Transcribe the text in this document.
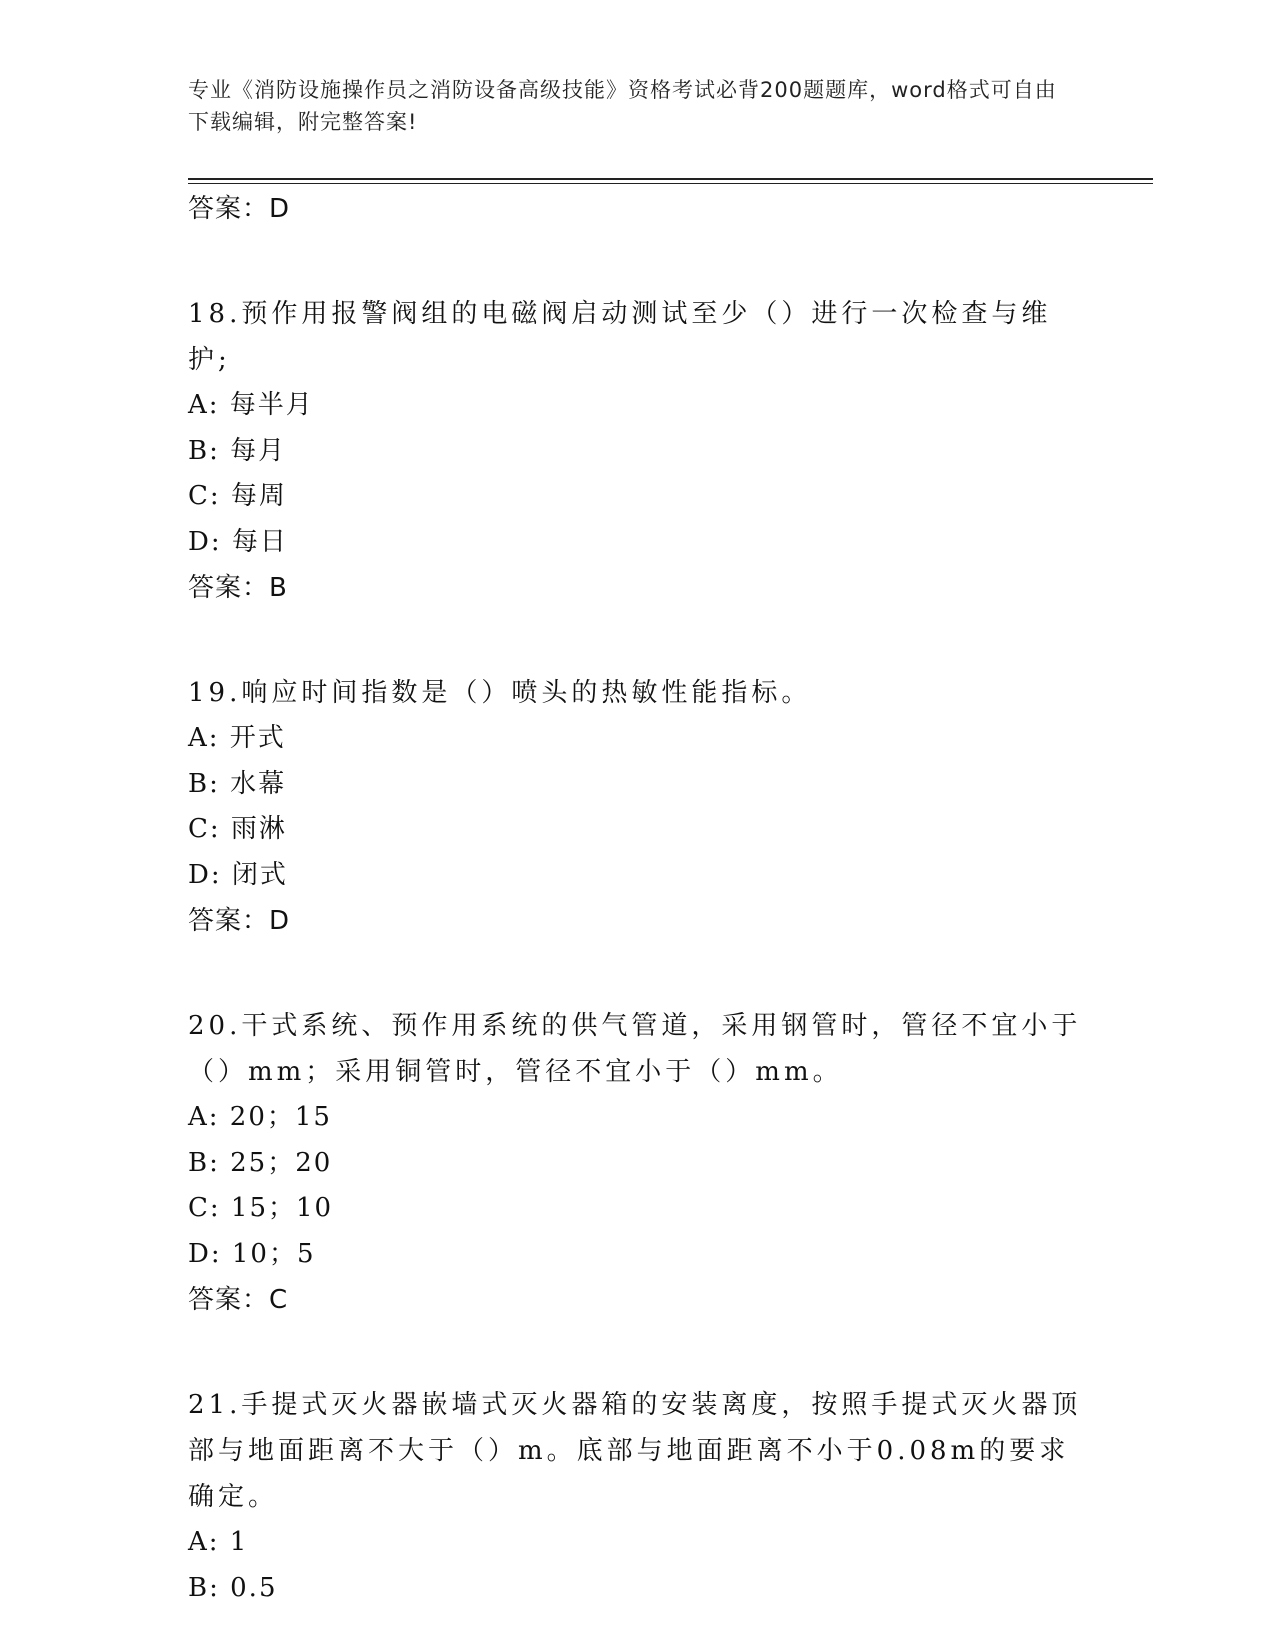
专业《消防设施操作员之消防设备高级技能》资格考试必背200题题库，word格式可自由下载编辑，附完整答案!
答案：D
18.预作用报警阀组的电磁阀启动测试至少（）进行一次检查与维护;
A: 每半月
B: 每月
C: 每周
D: 每日
答案：B
19.响应时间指数是（）喷头的热敏性能指标。
A: 开式
B: 水幕
C: 雨淋
D: 闭式
答案：D
20.干式系统、预作用系统的供气管道，采用钢管时，管径不宜小于（）mm；采用铜管时，管径不宜小于（）mm。
A: 20；15
B: 25；20
C: 15；10
D: 10；5
答案：C
21.手提式灭火器嵌墙式灭火器箱的安装离度，按照手提式灭火器顶部与地面距离不大于（）m。底部与地面距离不小于0.08m的要求确定。
A: 1
B: 0.5
